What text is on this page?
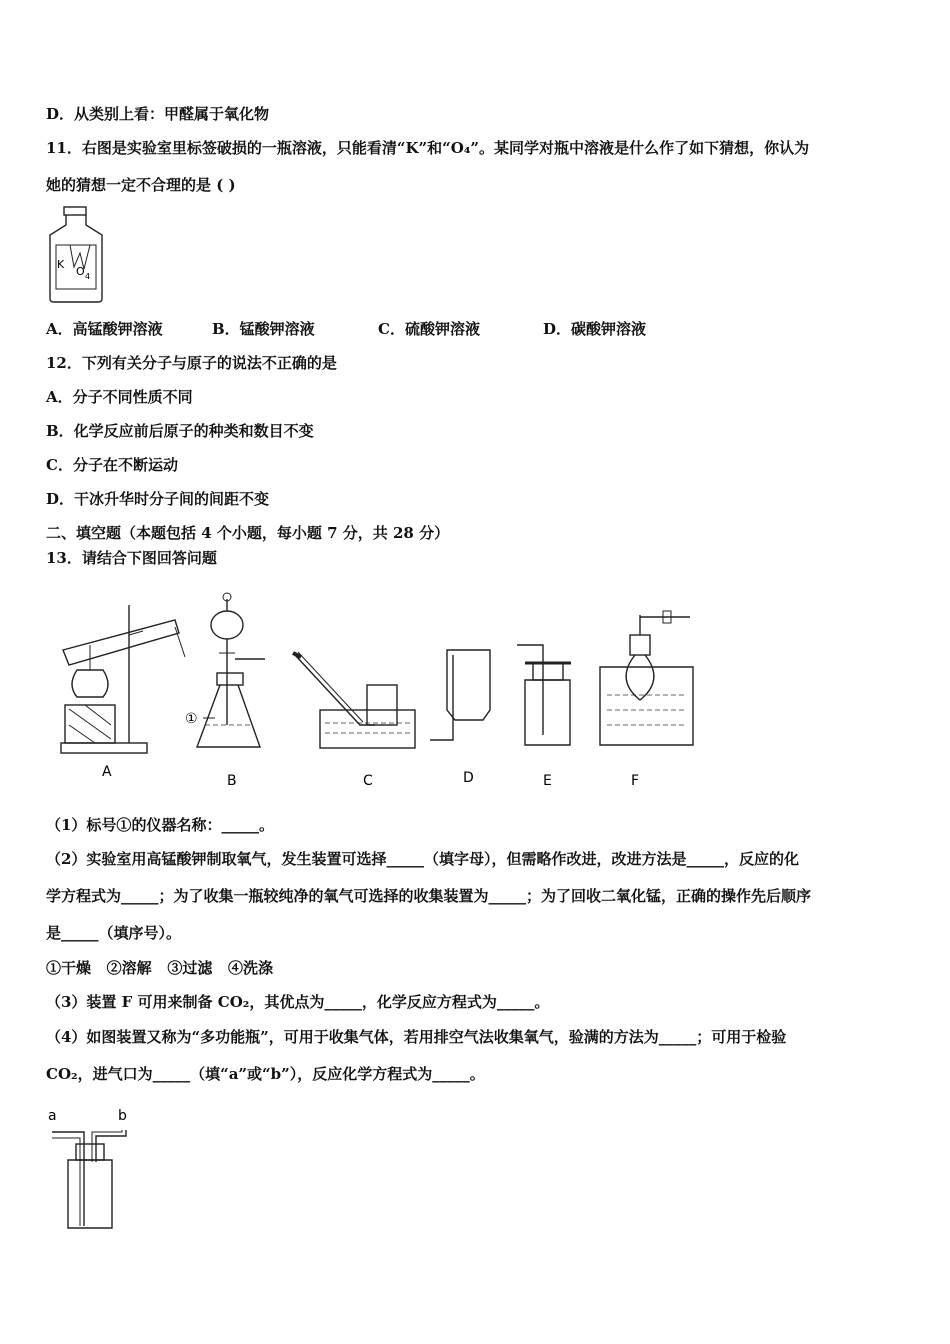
D．从类别上看：甲醛属于氧化物
11．右图是实验室里标签破损的一瓶溶液，只能看清“K”和“O₄”。某同学对瓶中溶液是什么作了如下猜想，你认为
她的猜想一定不合理的是 ( )
K
O 4
A．高锰酸钾溶液	B．锰酸钾溶液	C．硫酸钾溶液	D．碳酸钾溶液
12．下列有关分子与原子的说法不正确的是
A．分子不同性质不同
B．化学反应前后原子的种类和数目不变
C．分子在不断运动
D．干冰升华时分子间的间距不变
二、填空题（本题包括 4 个小题，每小题 7 分，共 28 分）
13．请结合下图回答问题
①
A
B	C	D	E	F
（1）标号①的仪器名称：_____。
（2）实验室用高锰酸钾制取氧气，发生装置可选择_____（填字母），但需略作改进，改进方法是_____，反应的化
学方程式为_____；为了收集一瓶较纯净的氧气可选择的收集装置为_____；为了回收二氧化锰，正确的操作先后顺序
是_____（填序号）。
①干燥   ②溶解   ③过滤   ④洗涤
（3）装置 F 可用来制备 CO₂，其优点为_____，化学反应方程式为_____。
（4）如图装置又称为“多功能瓶”，可用于收集气体，若用排空气法收集氧气，验满的方法为_____；可用于检验
CO₂，进气口为_____（填“a”或“b”），反应化学方程式为_____。
a	b
